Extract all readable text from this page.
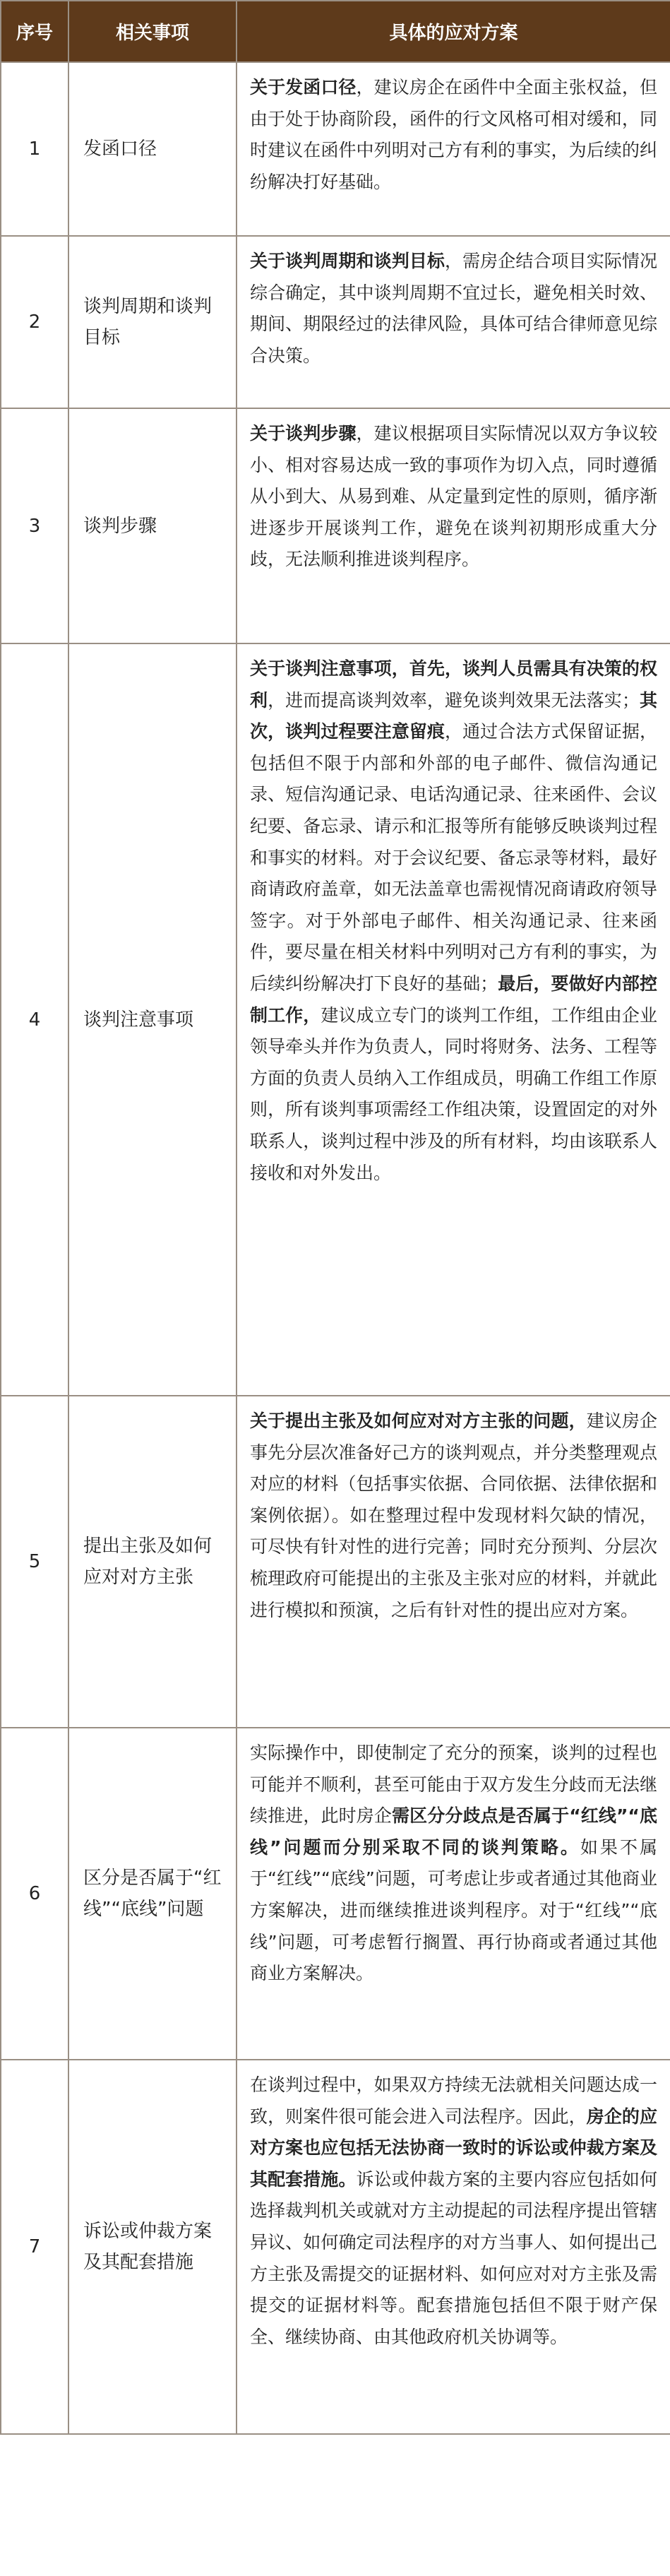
序号	相关事项	具体的应对方案
1	发函口径	关于发函口径，建议房企在函件中全面主张权益，但由于处于协商阶段，函件的行文风格可相对缓和，同时建议在函件中列明对己方有利的事实，为后续的纠纷解决打好基础。
2	谈判周期和谈判目标	关于谈判周期和谈判目标，需房企结合项目实际情况综合确定，其中谈判周期不宜过长，避免相关时效、期间、期限经过的法律风险，具体可结合律师意见综合决策。
3	谈判步骤	关于谈判步骤，建议根据项目实际情况以双方争议较小、相对容易达成一致的事项作为切入点，同时遵循从小到大、从易到难、从定量到定性的原则，循序渐进逐步开展谈判工作，避免在谈判初期形成重大分歧，无法顺利推进谈判程序。
4	谈判注意事项	关于谈判注意事项，首先，谈判人员需具有决策的权利，进而提高谈判效率，避免谈判效果无法落实；其次，谈判过程要注意留痕，通过合法方式保留证据，包括但不限于内部和外部的电子邮件、微信沟通记录、短信沟通记录、电话沟通记录、往来函件、会议纪要、备忘录、请示和汇报等所有能够反映谈判过程和事实的材料。对于会议纪要、备忘录等材料，最好商请政府盖章，如无法盖章也需视情况商请政府领导签字。对于外部电子邮件、相关沟通记录、往来函件，要尽量在相关材料中列明对己方有利的事实，为后续纠纷解决打下良好的基础；最后，要做好内部控制工作，建议成立专门的谈判工作组，工作组由企业领导牵头并作为负责人，同时将财务、法务、工程等方面的负责人员纳入工作组成员，明确工作组工作原则，所有谈判事项需经工作组决策，设置固定的对外联系人，谈判过程中涉及的所有材料，均由该联系人接收和对外发出。
5	提出主张及如何应对对方主张	关于提出主张及如何应对对方主张的问题，建议房企事先分层次准备好己方的谈判观点，并分类整理观点对应的材料（包括事实依据、合同依据、法律依据和案例依据）。如在整理过程中发现材料欠缺的情况，可尽快有针对性的进行完善；同时充分预判、分层次梳理政府可能提出的主张及主张对应的材料，并就此进行模拟和预演，之后有针对性的提出应对方案。
6	区分是否属于“红线”“底线”问题	实际操作中，即使制定了充分的预案，谈判的过程也可能并不顺利，甚至可能由于双方发生分歧而无法继续推进，此时房企需区分分歧点是否属于“红线”“底线”问题而分别采取不同的谈判策略。如果不属于“红线”“底线”问题，可考虑让步或者通过其他商业方案解决，进而继续推进谈判程序。对于“红线”“底线”问题，可考虑暂行搁置、再行协商或者通过其他商业方案解决。
7	诉讼或仲裁方案及其配套措施	在谈判过程中，如果双方持续无法就相关问题达成一致，则案件很可能会进入司法程序。因此，房企的应对方案也应包括无法协商一致时的诉讼或仲裁方案及其配套措施。诉讼或仲裁方案的主要内容应包括如何选择裁判机关或就对方主动提起的司法程序提出管辖异议、如何确定司法程序的对方当事人、如何提出己方主张及需提交的证据材料、如何应对对方主张及需提交的证据材料等。配套措施包括但不限于财产保全、继续协商、由其他政府机关协调等。
